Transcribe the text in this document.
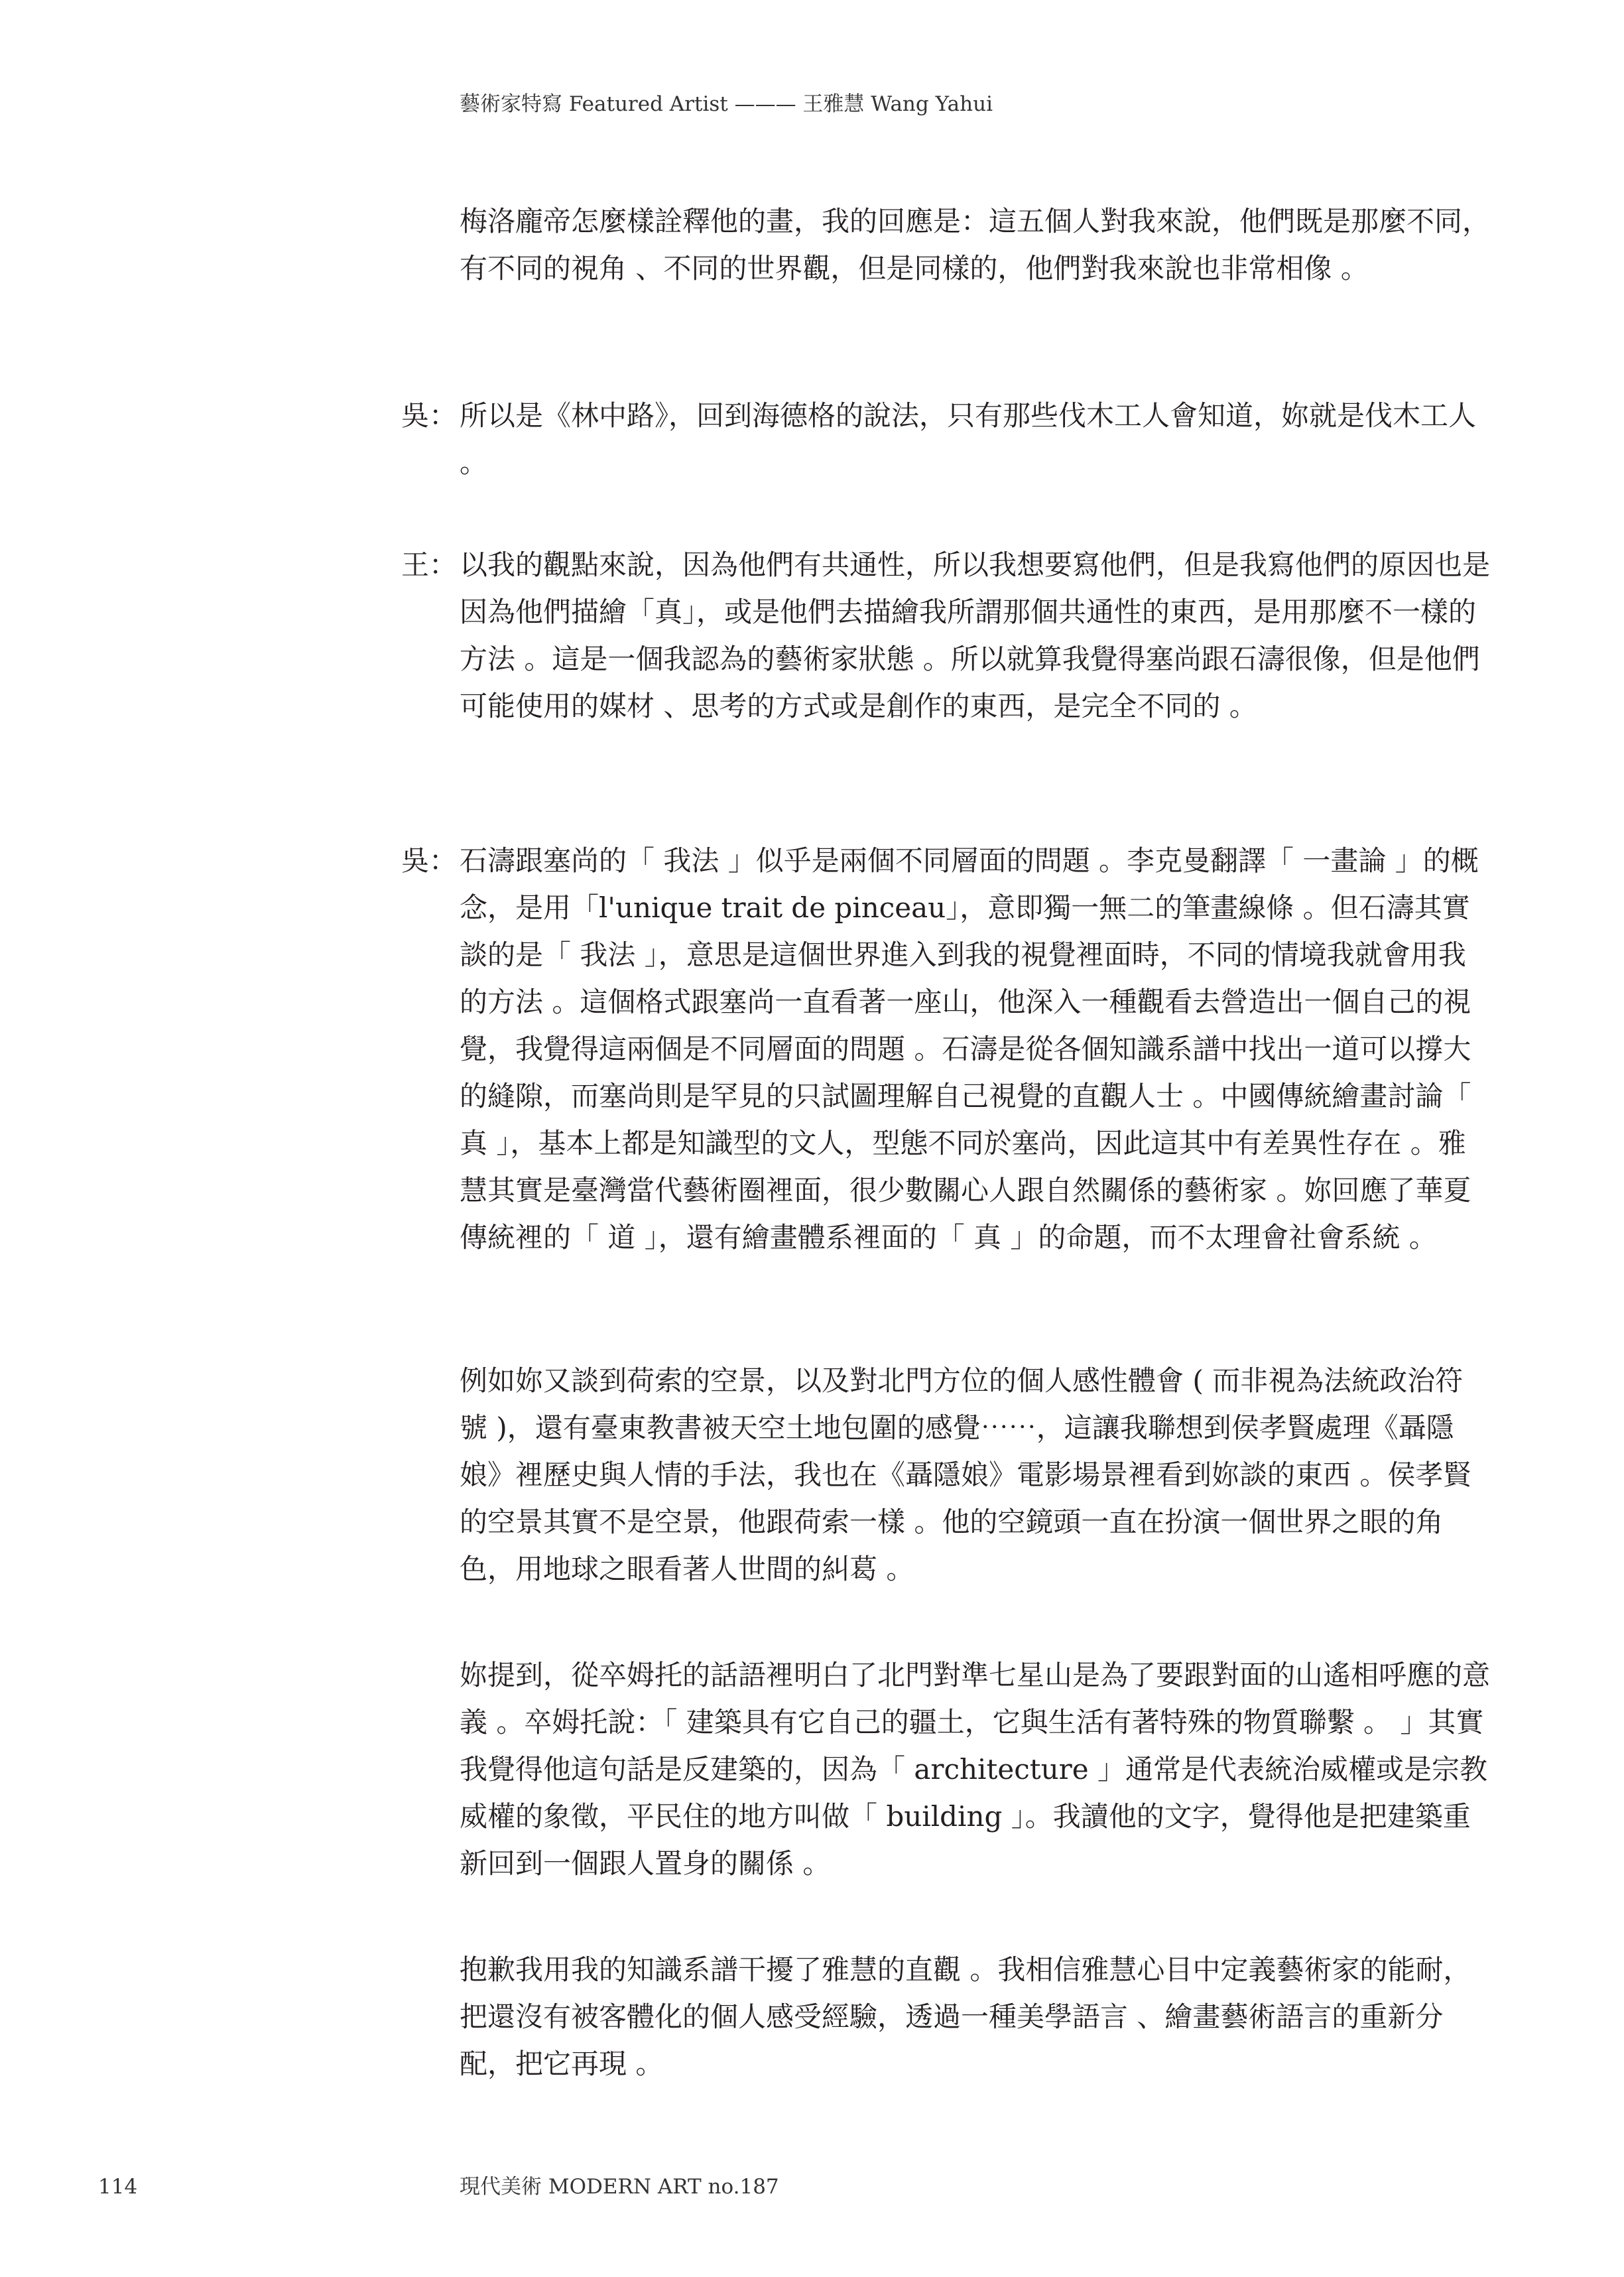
藝術家特寫 Featured Artist ——— 王雅慧 Wang Yahui

梅洛龐帝怎麼樣詮釋他的畫，我的回應是：這五個人對我來說，他們既是那麼不同，有不同的視角 、不同的世界觀，但是同樣的，他們對我來說也非常相像 。

吳： 所以是《林中路》，回到海德格的說法，只有那些伐木工人會知道，妳就是伐木工人 。

王： 以我的觀點來說，因為他們有共通性，所以我想要寫他們，但是我寫他們的原因也是因為他們描繪「真」，或是他們去描繪我所謂那個共通性的東西，是用那麼不一樣的方法 。這是一個我認為的藝術家狀態 。所以就算我覺得塞尚跟石濤很像，但是他們可能使用的媒材 、思考的方式或是創作的東西，是完全不同的 。

吳： 石濤跟塞尚的「 我法 」似乎是兩個不同層面的問題 。李克曼翻譯「 一畫論 」的概念，是用「l'unique trait de pinceau」，意即獨一無二的筆畫線條 。但石濤其實談的是「 我法 」，意思是這個世界進入到我的視覺裡面時，不同的情境我就會用我的方法 。這個格式跟塞尚一直看著一座山，他深入一種觀看去營造出一個自己的視覺，我覺得這兩個是不同層面的問題 。石濤是從各個知識系譜中找出一道可以撐大的縫隙，而塞尚則是罕見的只試圖理解自己視覺的直觀人士 。中國傳統繪畫討論「 真 」，基本上都是知識型的文人，型態不同於塞尚，因此這其中有差異性存在 。雅慧其實是臺灣當代藝術圈裡面，很少數關心人跟自然關係的藝術家 。妳回應了華夏傳統裡的「 道 」，還有繪畫體系裡面的「 真 」的命題，而不太理會社會系統 。

例如妳又談到荷索的空景，以及對北門方位的個人感性體會 ( 而非視為法統政治符號 )，還有臺東教書被天空土地包圍的感覺⋯⋯，這讓我聯想到侯孝賢處理《聶隱娘》裡歷史與人情的手法，我也在《聶隱娘》電影場景裡看到妳談的東西 。侯孝賢的空景其實不是空景，他跟荷索一樣 。他的空鏡頭一直在扮演一個世界之眼的角色，用地球之眼看著人世間的糾葛 。

妳提到，從卒姆托的話語裡明白了北門對準七星山是為了要跟對面的山遙相呼應的意義 。卒姆托說：「 建築具有它自己的疆土，它與生活有著特殊的物質聯繫 。 」其實我覺得他這句話是反建築的，因為「 architecture 」通常是代表統治威權或是宗教威權的象徵，平民住的地方叫做「 building 」。我讀他的文字，覺得他是把建築重新回到一個跟人置身的關係 。

抱歉我用我的知識系譜干擾了雅慧的直觀 。我相信雅慧心目中定義藝術家的能耐，把還沒有被客體化的個人感受經驗，透過一種美學語言 、繪畫藝術語言的重新分配，把它再現 。

114	現代美術 MODERN ART no.187
